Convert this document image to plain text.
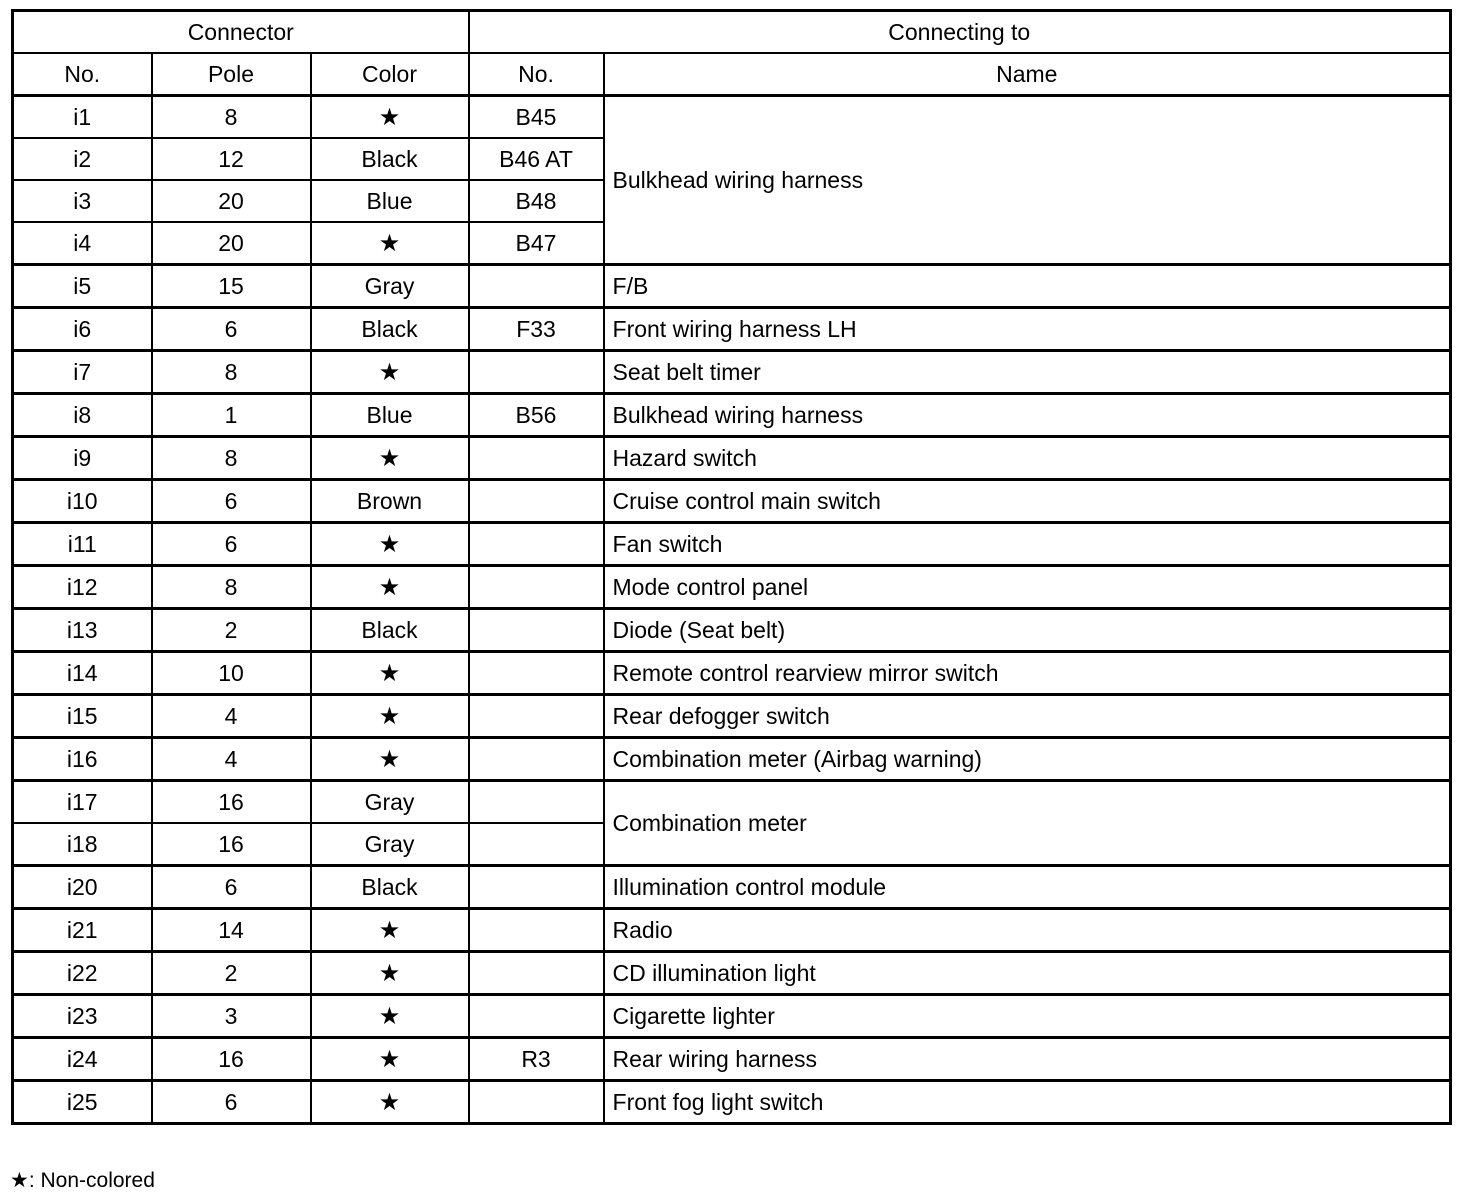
Connector			Connecting to	
No.	Pole	Color	No.	Name
i1	8	★	B45	Bulkhead wiring harness
i2	12	Black	B46 AT	
i3	20	Blue	B48	
i4	20	★	B47	
i5	15	Gray		F/B
i6	6	Black	F33	Front wiring harness LH
i7	8	★		Seat belt timer
i8	1	Blue	B56	Bulkhead wiring harness
i9	8	★		Hazard switch
i10	6	Brown		Cruise control main switch
i11	6	★		Fan switch
i12	8	★		Mode control panel
i13	2	Black		Diode (Seat belt)
i14	10	★		Remote control rearview mirror switch
i15	4	★		Rear defogger switch
i16	4	★		Combination meter (Airbag warning)
i17	16	Gray		Combination meter
i18	16	Gray		
i20	6	Black		Illumination control module
i21	14	★		Radio
i22	2	★		CD illumination light
i23	3	★		Cigarette lighter
i24	16	★	R3	Rear wiring harness
i25	6	★		Front fog light switch
★: Non-colored
